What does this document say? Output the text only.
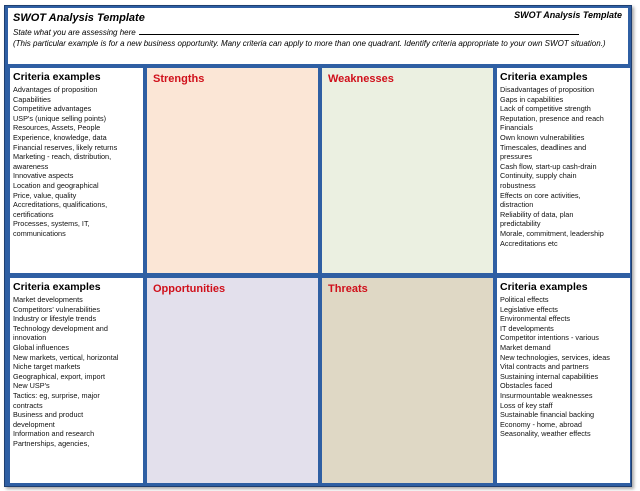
SWOT Analysis Template	SWOT Analysis Template
State what you are assessing here
(This particular example is for a new business opportunity. Many criteria can apply to more than one quadrant. Identify criteria appropriate to your own SWOT situation.)
Criteria examples
Advantages of proposition
Capabilities
Competitive advantages
USP's (unique selling points)
Resources, Assets, People
Experience, knowledge, data
Financial reserves, likely returns
Marketing - reach, distribution,
awareness
Innovative aspects
Location and geographical
Price, value, quality
Accreditations, qualifications,
certifications
Processes, systems, IT,
communications
Strengths	Weaknesses	Criteria examples
Disadvantages of proposition
Gaps in capabilities
Lack of competitive strength
Reputation, presence and reach
Financials
Own known vulnerabilities
Timescales, deadlines and
pressures
Cash flow, start-up cash-drain
Continuity, supply chain
robustness
Effects on core activities,
distraction
Reliability of data, plan
predictability
Morale, commitment, leadership
Accreditations etc
Criteria examples
Market developments
Competitors' vulnerabilities
Industry or lifestyle trends
Technology development and
innovation
Global influences
New markets, vertical, horizontal
Niche target markets
Geographical, export, import
New USP's
Tactics: eg, surprise, major
contracts
Business and product
development
Information and research
Partnerships, agencies,
Opportunities	Threats	Criteria examples
Political effects
Legislative effects
Environmental effects
IT developments
Competitor intentions - various
Market demand
New technologies, services, ideas
Vital contracts and partners
Sustaining internal capabilities
Obstacles faced
Insurmountable weaknesses
Loss of key staff
Sustainable financial backing
Economy - home, abroad
Seasonality, weather effects
